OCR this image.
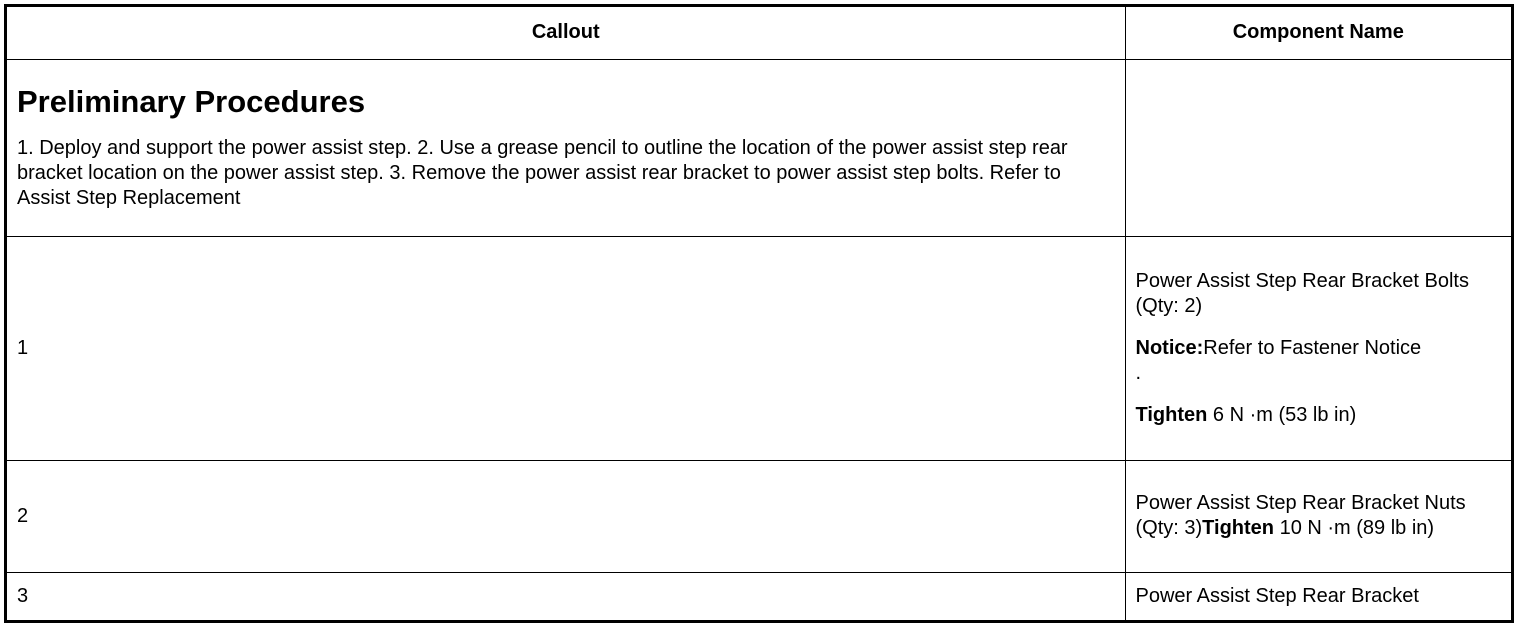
Callout	Component Name

Preliminary Procedures

1. Deploy and support the power assist step. 2. Use a grease pencil to outline the location of the power assist step rear bracket location on the power assist step. 3. Remove the power assist rear bracket to power assist step bolts. Refer to Assist Step Replacement	

1	Power Assist Step Rear Bracket Bolts (Qty: 2)

Notice:Refer to Fastener Notice

.

Tighten 6 N ·m (53 lb in)

2	Power Assist Step Rear Bracket Nuts (Qty: 3)Tighten 10 N ·m (89 lb in)

3	Power Assist Step Rear Bracket
